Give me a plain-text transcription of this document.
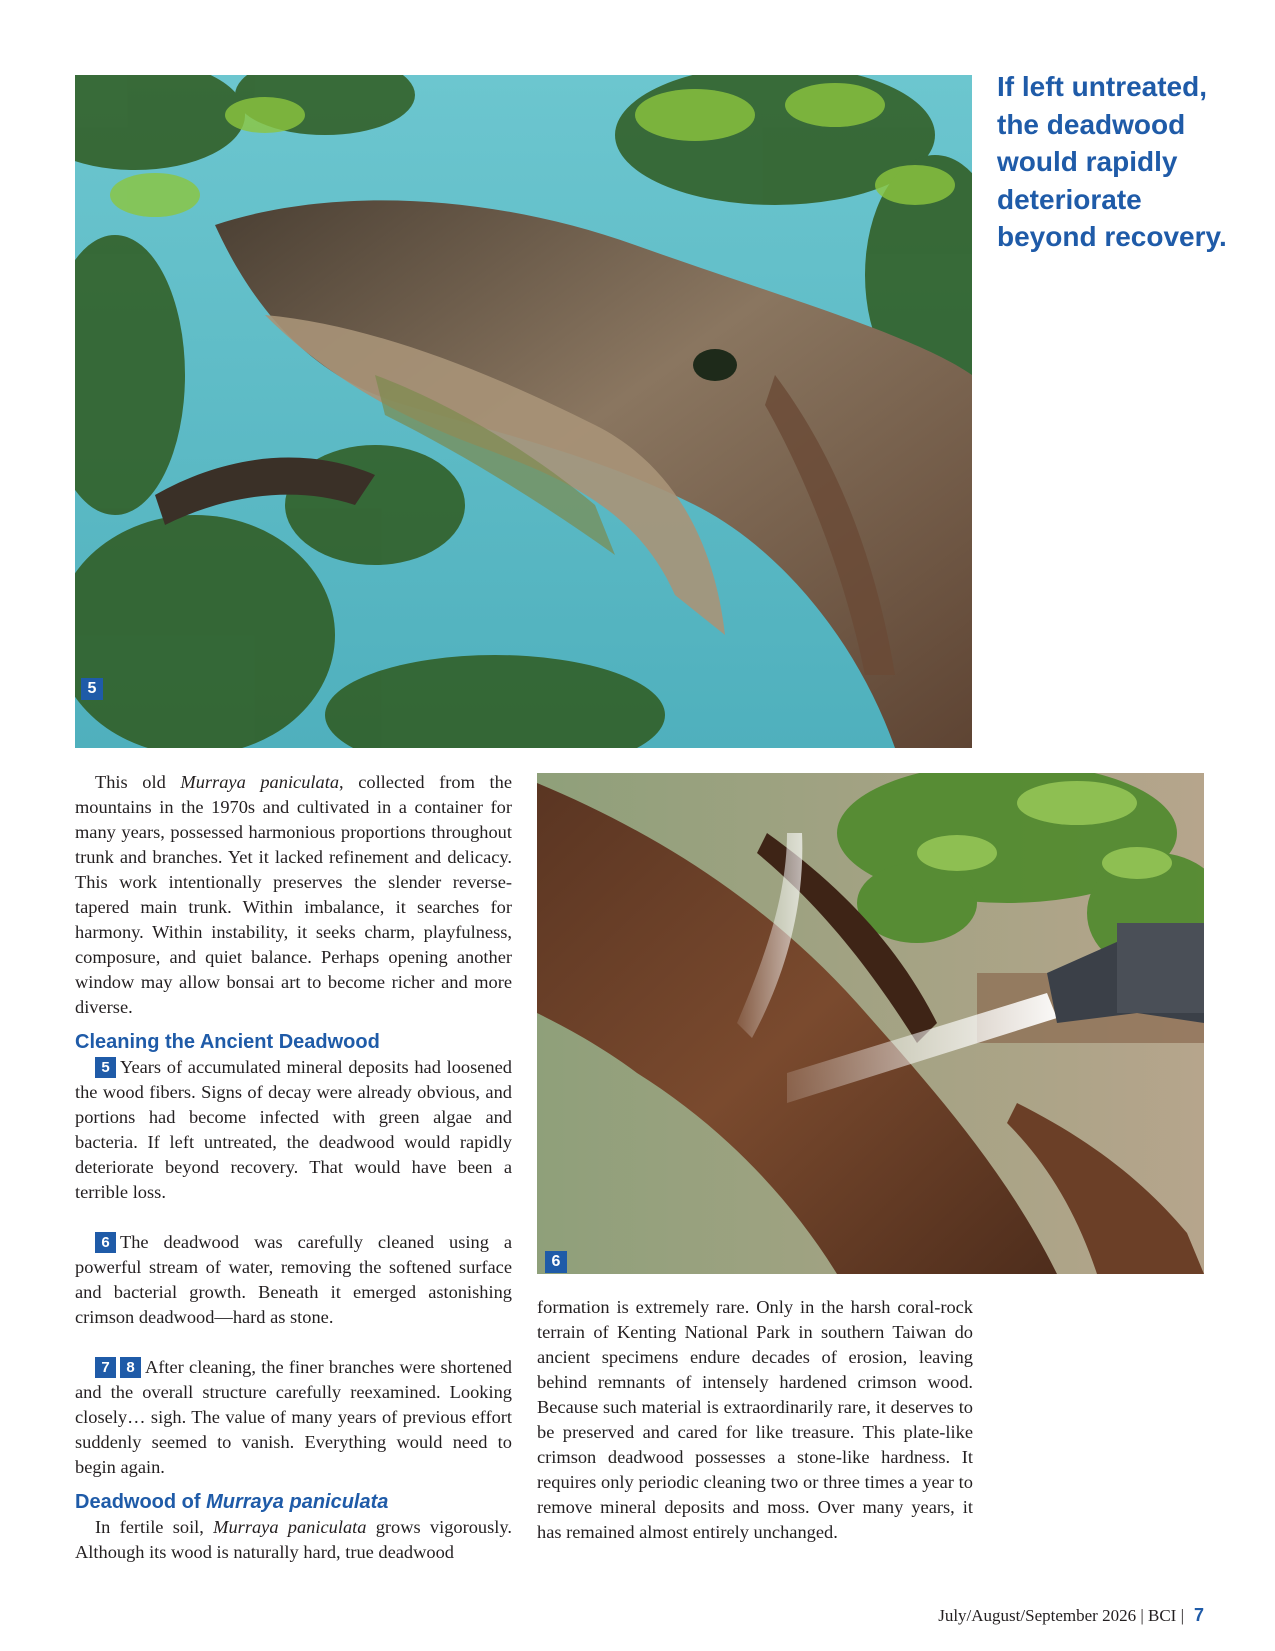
5
If left untreated, the deadwood would rapidly deteriorate beyond recovery.
6

This old Murraya paniculata, collected from the mountains in the 1970s and cultivated in a container for many years, possessed harmonious proportions throughout trunk and branches. Yet it lacked refinement and delicacy. This work intentionally preserves the slender reverse-tapered main trunk. Within imbalance, it searches for harmony. Within instability, it seeks charm, playfulness, composure, and quiet balance. Perhaps opening another window may allow bonsai art to become richer and more diverse.

Cleaning the Ancient Deadwood

5 Years of accumulated mineral deposits had loosened the wood fibers. Signs of decay were already obvious, and portions had become infected with green algae and bacteria. If left untreated, the deadwood would rapidly deteriorate beyond recovery. That would have been a terrible loss.

6 The deadwood was carefully cleaned using a powerful stream of water, removing the softened surface and bacterial growth. Beneath it emerged astonishing crimson deadwood—hard as stone.

7 8 After cleaning, the finer branches were shortened and the overall structure carefully reexamined. Looking closely… sigh. The value of many years of previous effort suddenly seemed to vanish. Everything would need to begin again.

Deadwood of Murraya paniculata

In fertile soil, Murraya paniculata grows vigorously. Although its wood is naturally hard, true deadwood

formation is extremely rare. Only in the harsh coral-rock terrain of Kenting National Park in southern Taiwan do ancient specimens endure decades of erosion, leaving behind remnants of intensely hardened crimson wood. Because such material is extraordinarily rare, it deserves to be preserved and cared for like treasure. This plate-like crimson deadwood possesses a stone-like hardness. It requires only periodic cleaning two or three times a year to remove mineral deposits and moss. Over many years, it has remained almost entirely unchanged.

July/August/September 2026 | BCI | 7
